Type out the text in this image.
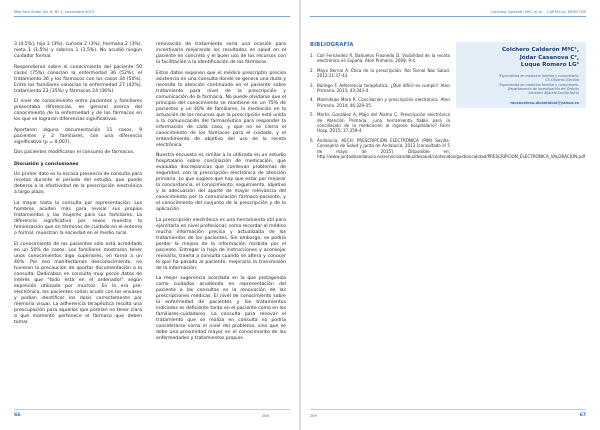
Med Fam Andal Vol. 8, Nº 3, noviembre 2015

3 (4,5%), hijo 2 (3%), cuñada 2 (3%), hermana 2 (3%), nieta 1 (1,5%) y sobrina 1 (1,5%). No acudió ningún cuidador formal.

Respondieron sobre el conocimiento del paciente 50 casos (75%) conocían la enfermedad 36 (52%), el tratamiento 36 y los fármacos con los casos 34 (50%). Entre los familiares conocían la enfermedad 27 (42%), tratamiento 23 (35%) y fármacos 24 (36%).

El nivel de conocimiento entre pacientes y familiares presentaba diferencias, en general acerca del conocimiento de la enfermedad y de los fármacos en los que se lograron diferencias significativas.

Aportaron alguna documentación 11 casos, 9 pacientes y 2 familiares, con una diferencia significativa (p = 0,007).

Dos pacientes modificaron el consumo de fármacos.

Discusión y conclusiones

Un primer dato es la escasa presencia de consulta para recetas durante el periodo del estudio, que puede deberse a la efectividad de la prescripción electrónica a largo plazo.

La mayor tasta la consulta por representación. Los hombres acuden más para revisar sus propios tratamientos y las mujeres para sus familiares. La diferencia significativa por sexos muestra la feminización que en términos de cuidado en el entorno o formal, muestran la sociedad en el medio rural.

El conocimiento de los pacientes sólo está acreditado en un 50% de casos. Los familiares mostraron tener unos conocimientos algo superiores, en torno a un 40%. Por eso manifestamos desconocimiento, no tuvieron la precaución de aportar documentación a la consulta. Dedicaban en consulta muy pocos datos de interés que "todo está en el ordenador" según expresión utilizada por muchos. En la era pre-electrónica, los pacientes solían acudir con los envases y podían identificar los dosis correctamente por memoria visual. La adherencia terapéutica resulta una preocupación para aquellos que podrían no tener clara a qué momento pertenece el fármaco que deben tomar.

renovación de tratamiento sería una ocasión para incentivarla mejorando los resultados en salud en el paciente en concreto y el buen uso de los recursos con la facilitación a la identificación de los fármacos.

Estos datos exponen que el médico prescriptor precisa asistencia en una consulta donde se genera una duda y necesita la atención continuada en el paciente sobre tratamiento para nivel de la prescripción y comunicación de la farmacia. No puede olvidarse que el principio del conocimiento se mantiene en un 75% de pacientes y un 40% de familiares, la mediación en la actuación de los recursos que la prescripción está unida a la comunicación del farmacéutico para responder la información de cada caso, y que no se cierra el conocimiento de los fármacos para el cuidado, y el entendimiento de objetivo del uso de la receta electrónica.

Nuestra encuesta es similar a la utilizada en un estudio hospitalario sobre conciliación de medicación, que evaluaba discrepancias que conllevan problemas de seguridad, con la prescripción electrónica de atención primaria. Lo que sugiere que hay que estar por mejorar la concordancia, el conocimiento, seguimiento, objetivo y la adecuación del aporte de mayor relevancia del conocimiento por la comunicación fármaco-paciente, y el conocimiento del conjunto de la prescripción y de la aplicación.

La prescripción electrónica es una herramienta útil para ejercitarla en nivel profesional, como recordar al médico mucha información precisa y actualizada de los tratamientos de los pacientes. Sin embargo, se podría perder la mejora de la información recibida por el paciente. Entregar la hoja de instrucciones y aconsejar revisarla, traerla a consulta cuando se altera y conocer lo que ha pasado al paciente, mejoraría la transmisión de la información.

La mejor sugerencia acordada en la que protagoniza como cuidados acudiendo en representación del paciente a las consultas es la renovación de las prescripciones médicas. El nivel de conocimiento sobre la enfermedad de pacientes y los tratamientos indicados es deficiente tanto en el paciente como en los familiares-cuidadores. La consulta para renovar el tratamiento que se realiza en consulta no podría considerarse como el nivel del problema, sino que se debe una proximidad mayor en el conocimiento de las enfermedades y tratamientos propios.

66	268
Colchero Calderón MªC, et al. - CARTAS AL DIRECTOR
BIBLIOGRAFÍA
1. Coll Fernández R, Bañuelos Frasnedo D. Visibilidad de la receta electrónica en España. Aten Primaria. 2008; 9:4.
2. Mayo Bernal A. Ética de la prescripción. Rol Tecnol Nac Salud. 2012;11:37-43.
3. Bariego F. Adherencia terapéutica. ¿Qué difícil es cumplir! Aten Primaria. 2013; 43:343-4.
4. Madridejos Mora R. Conciliación y prescripción electrónica. Aten Primaria. 2014; 46:329-35.
5. Martín González A, Majo del Álamo C. Prescripción electrónica de Atención Primaria, ¿una herramienta fiable para la conciliación de la medicación al ingreso hospitalario? Farm Hosp. 2015; 37:359-4.
6. Andalucía, AECH. PRESCRIPCIÓN ELECTRÓNICA (PIM) Sevilla: Consejería de Salud y Junta de Andalucía; 2013 [consultado el 5 de mayo de 2015]. Disponible en: http://www.juntadeandalucia.es/servicioandaluzdesalud/contenidos/gestioncalidad/PRESCRIPCION_ELECTRONICA_VALORACION.pdf
269	67
Colchero Calderón MªC¹,
Jódar Casanova C²,
Luque Romero LG³
¹Especialista en medicina familiar y comunitaria.
CS Olivares (Sevilla)
²Especialista en medicina familiar y comunitaria.
Departamento de investigación del Distrito
Sanitario Aljarafe-Sevilla Norte
mconceicao.dlcamidcal@yahoo.es
